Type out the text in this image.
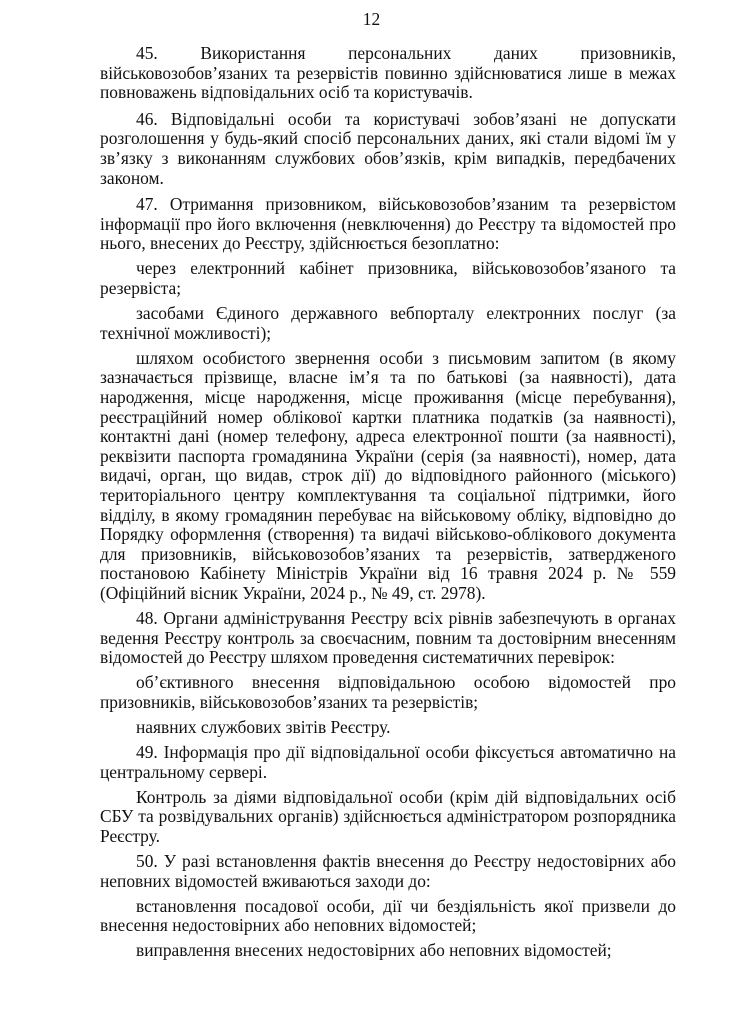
12

45. Використання персональних даних призовників, військовозобов’язаних та резервістів повинно здійснюватися лише в межах повноважень відповідальних осіб та користувачів.

46. Відповідальні особи та користувачі зобов’язані не допускати розголошення у будь-який спосіб персональних даних, які стали відомі їм у зв’язку з виконанням службових обов’язків, крім випадків, передбачених законом.

47. Отримання призовником, військовозобов’язаним та резервістом інформації про його включення (невключення) до Реєстру та відомостей про нього, внесених до Реєстру, здійснюється безоплатно:

через електронний кабінет призовника, військовозобов’язаного та резервіста;

засобами Єдиного державного вебпорталу електронних послуг (за технічної можливості);

шляхом особистого звернення особи з письмовим запитом (в якому зазначається прізвище, власне ім’я та по батькові (за наявності), дата народження, місце народження, місце проживання (місце перебування), реєстраційний номер облікової картки платника податків (за наявності), контактні дані (номер телефону, адреса електронної пошти (за наявності), реквізити паспорта громадянина України (серія (за наявності), номер, дата видачі, орган, що видав, строк дії) до відповідного районного (міського) територіального центру комплектування та соціальної підтримки, його відділу, в якому громадянин перебуває на військовому обліку, відповідно до Порядку оформлення (створення) та видачі військово-облікового документа для призовників, військовозобов’язаних та резервістів, затвердженого постановою Кабінету Міністрів України від 16 травня 2024 р. № 559 (Офіційний вісник України, 2024 р., № 49, ст. 2978).

48. Органи адміністрування Реєстру всіх рівнів забезпечують в органах ведення Реєстру контроль за своєчасним, повним та достовірним внесенням відомостей до Реєстру шляхом проведення систематичних перевірок:

об’єктивного внесення відповідальною особою відомостей про призовників, військовозобов’язаних та резервістів;

наявних службових звітів Реєстру.

49. Інформація про дії відповідальної особи фіксується автоматично на центральному сервері.

Контроль за діями відповідальної особи (крім дій відповідальних осіб СБУ та розвідувальних органів) здійснюється адміністратором розпорядника Реєстру.

50. У разі встановлення фактів внесення до Реєстру недостовірних або неповних відомостей вживаються заходи до:

встановлення посадової особи, дії чи бездіяльність якої призвели до внесення недостовірних або неповних відомостей;

виправлення внесених недостовірних або неповних відомостей;
